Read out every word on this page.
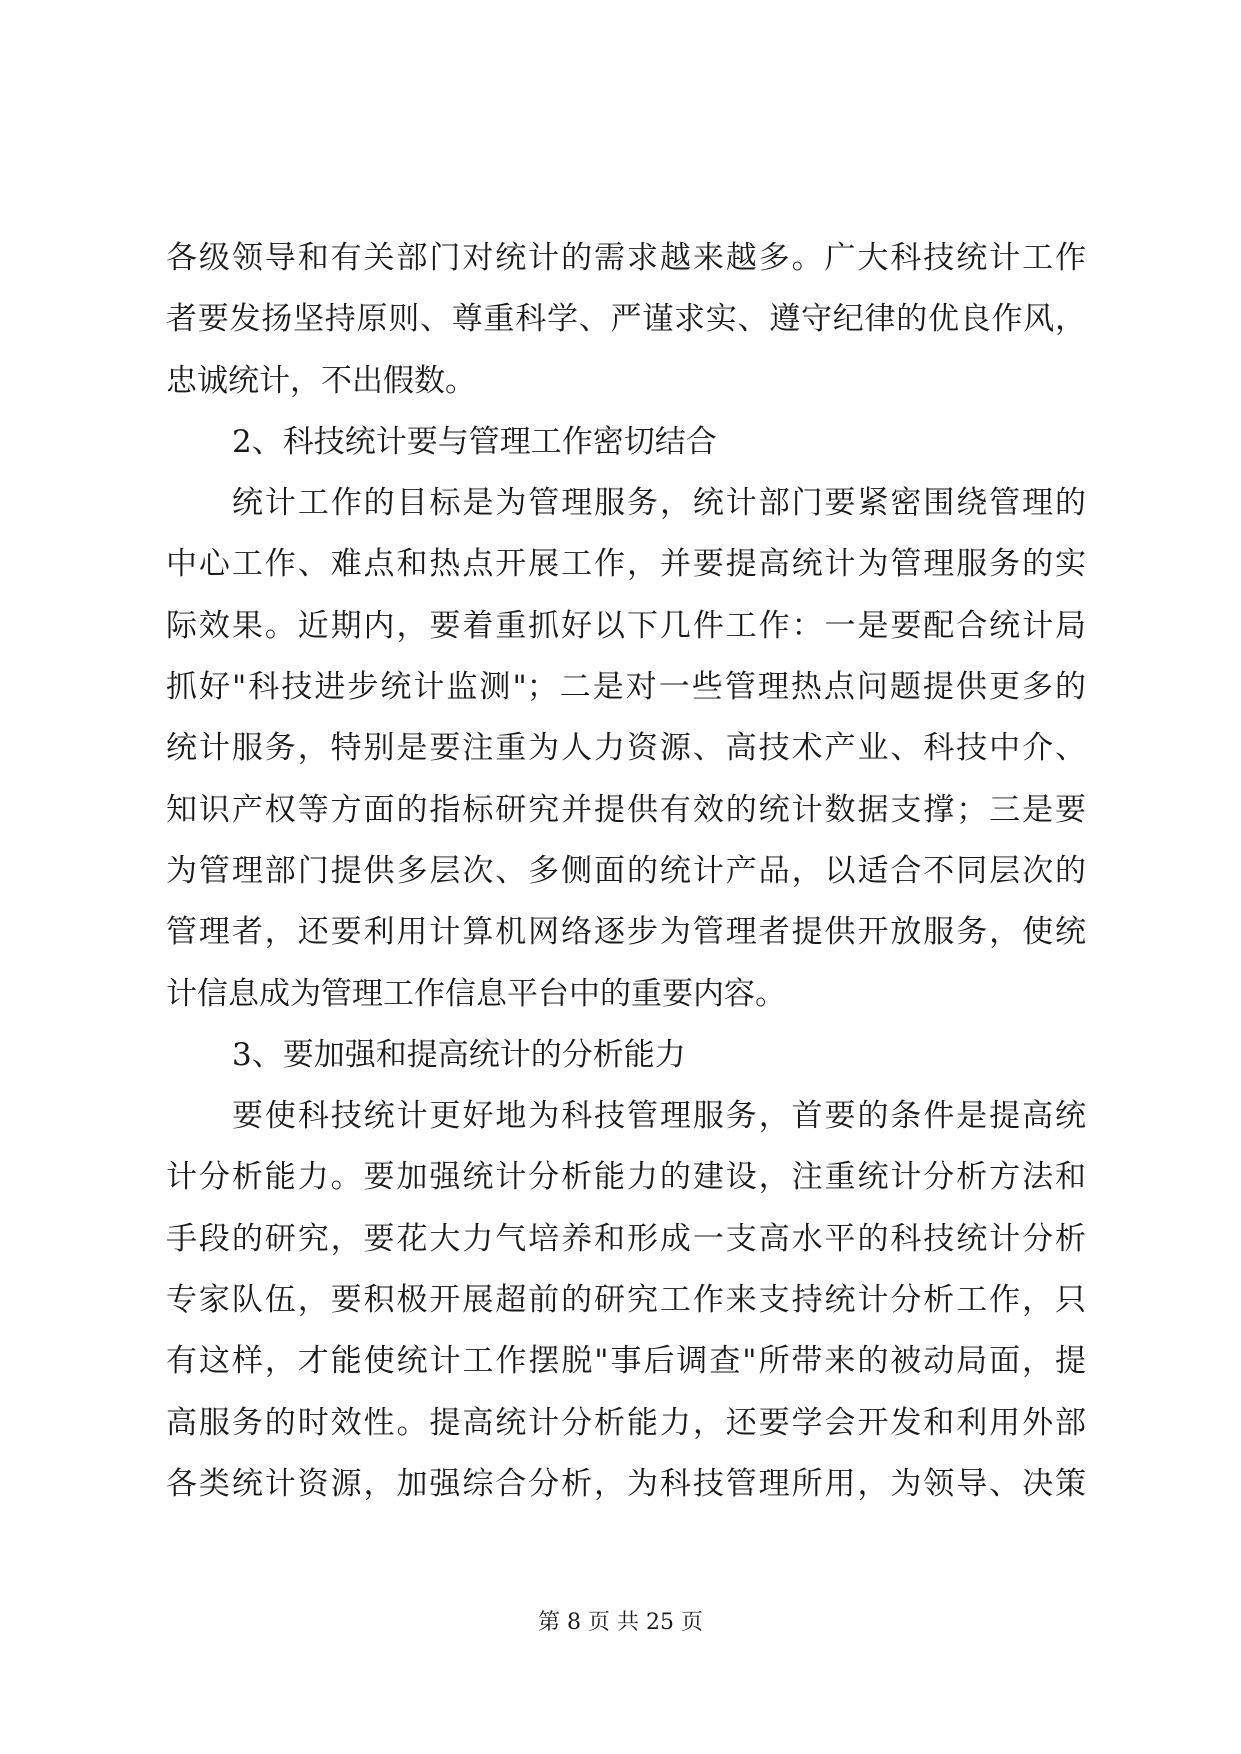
各级领导和有关部门对统计的需求越来越多。广大科技统计工作
者要发扬坚持原则、尊重科学、严谨求实、遵守纪律的优良作风，
忠诚统计，不出假数。
2、科技统计要与管理工作密切结合
统计工作的目标是为管理服务，统计部门要紧密围绕管理的
中心工作、难点和热点开展工作，并要提高统计为管理服务的实
际效果。近期内，要着重抓好以下几件工作：一是要配合统计局
抓好"科技进步统计监测"；二是对一些管理热点问题提供更多的
统计服务，特别是要注重为人力资源、高技术产业、科技中介、
知识产权等方面的指标研究并提供有效的统计数据支撑；三是要
为管理部门提供多层次、多侧面的统计产品，以适合不同层次的
管理者，还要利用计算机网络逐步为管理者提供开放服务，使统
计信息成为管理工作信息平台中的重要内容。
3、要加强和提高统计的分析能力
要使科技统计更好地为科技管理服务，首要的条件是提高统
计分析能力。要加强统计分析能力的建设，注重统计分析方法和
手段的研究，要花大力气培养和形成一支高水平的科技统计分析
专家队伍，要积极开展超前的研究工作来支持统计分析工作，只
有这样，才能使统计工作摆脱"事后调查"所带来的被动局面，提
高服务的时效性。提高统计分析能力，还要学会开发和利用外部
各类统计资源，加强综合分析，为科技管理所用，为领导、决策
第 8 页 共 25 页
